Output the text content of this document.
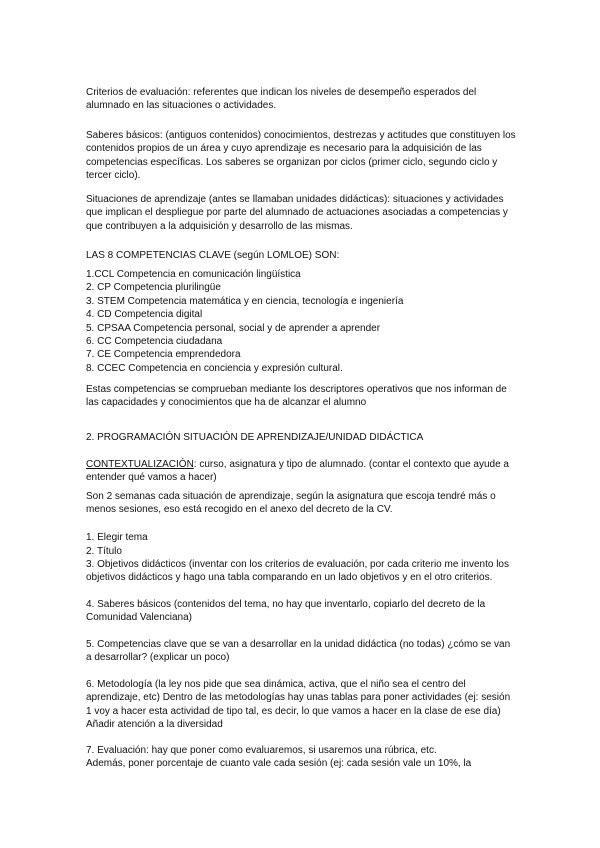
Criterios de evaluación: referentes que indican los niveles de desempeño esperados del alumnado en las situaciones o actividades.

Saberes básicos: (antiguos contenidos) conocimientos, destrezas y actitudes que constituyen los contenidos propios de un área y cuyo aprendizaje es necesario para la adquisición de las competencias específicas. Los saberes se organizan por ciclos (primer ciclo, segundo ciclo y tercer ciclo).

Situaciones de aprendizaje (antes se llamaban unidades didácticas): situaciones y actividades que implican el despliegue por parte del alumnado de actuaciones asociadas a competencias y que contribuyen a la adquisición y desarrollo de las mismas.

LAS 8 COMPETENCIAS CLAVE (según LOMLOE) SON:

1.CCL Competencia en comunicación lingüística
2. CP Competencia plurilingüe
3. STEM Competencia matemática y en ciencia, tecnología e ingeniería
4. CD Competencia digital
5. CPSAA Competencia personal, social y de aprender a aprender
6. CC Competencia ciudadana
7. CE Competencia emprendedora
8. CCEC Competencia en conciencia y expresión cultural.

Estas competencias se comprueban mediante los descriptores operativos que nos informan de las capacidades y conocimientos que ha de alcanzar el alumno

2. PROGRAMACIÓN SITUACIÓN DE APRENDIZAJE/UNIDAD DIDÁCTICA

CONTEXTUALIZACIÓN: curso, asignatura y tipo de alumnado. (contar el contexto que ayude a entender qué vamos a hacer)

Son 2 semanas cada situación de aprendizaje, según la asignatura que escoja tendré más o menos sesiones, eso está recogido en el anexo del decreto de la CV.

1. Elegir tema

2. Título

3. Objetivos didácticos (inventar con los criterios de evaluación, por cada criterio me invento los objetivos didácticos y hago una tabla comparando en un lado objetivos y en el otro criterios.

4. Saberes básicos (contenidos del tema, no hay que inventarlo, copiarlo del decreto de la Comunidad Valenciana)

5. Competencias clave que se van a desarrollar en la unidad didáctica (no todas) ¿cómo se van a desarrollar? (explicar un poco)

6. Metodología (la ley nos pide que sea dinámica, activa, que el niño sea el centro del aprendizaje, etc) Dentro de las metodologías hay unas tablas para poner actividades (ej: sesión 1 voy a hacer esta actividad de tipo tal, es decir, lo que vamos a hacer en la clase de ese día) Añadir atención a la diversidad

7. Evaluación: hay que poner como evaluaremos, si usaremos una rúbrica, etc.

Además, poner porcentaje de cuanto vale cada sesión (ej: cada sesión vale un 10%, la
